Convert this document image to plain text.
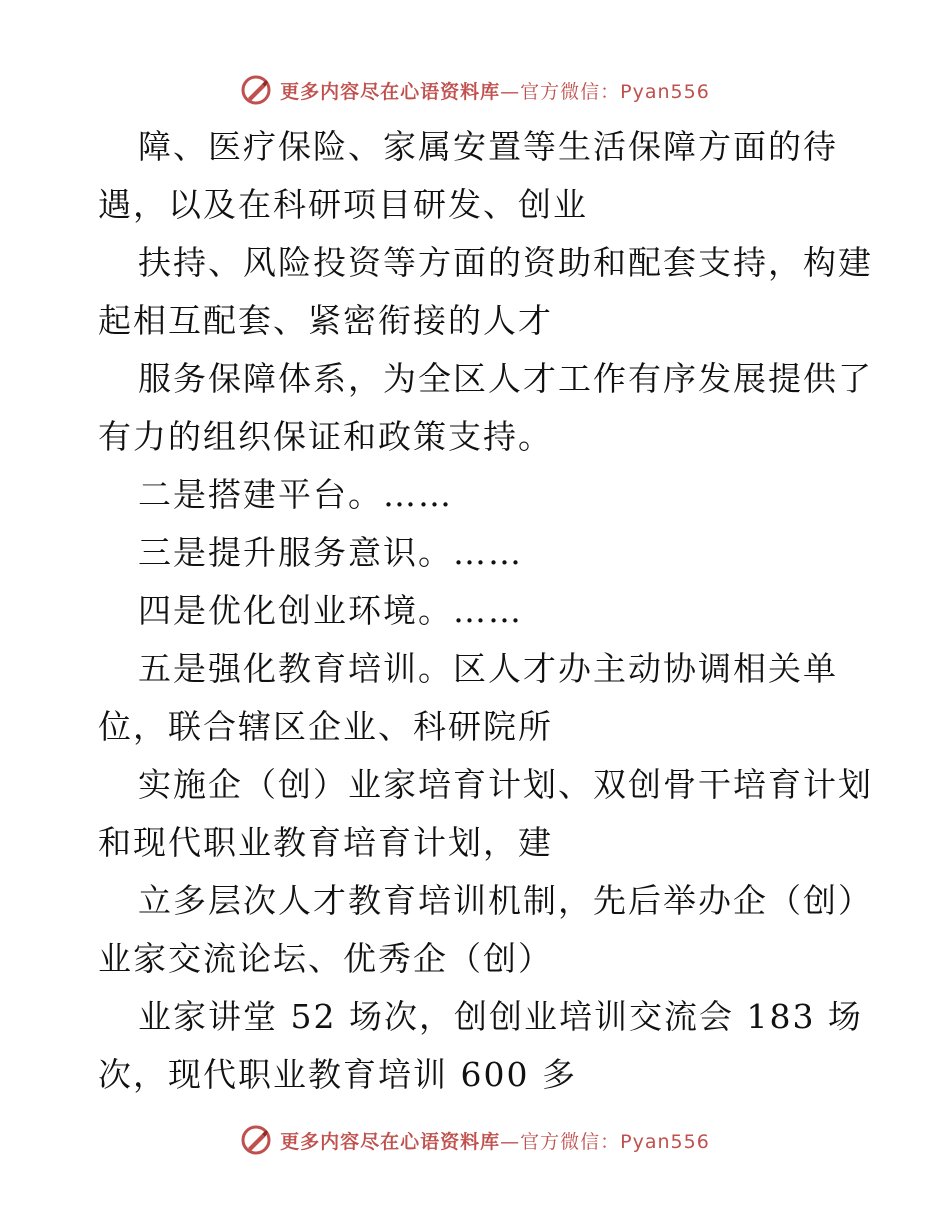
更多内容尽在心语资料库—官方微信：Pyan556
障、医疗保险、家属安置等生活保障方面的待
遇，以及在科研项目研发、创业
扶持、风险投资等方面的资助和配套支持，构建
起相互配套、紧密衔接的人才
服务保障体系，为全区人才工作有序发展提供了
有力的组织保证和政策支持。
二是搭建平台。……
三是提升服务意识。……
四是优化创业环境。……
五是强化教育培训。区人才办主动协调相关单
位，联合辖区企业、科研院所
实施企（创）业家培育计划、双创骨干培育计划
和现代职业教育培育计划，建
立多层次人才教育培训机制，先后举办企（创）
业家交流论坛、优秀企（创）
业家讲堂 52 场次，创创业培训交流会 183 场
次，现代职业教育培训 600 多
更多内容尽在心语资料库—官方微信：Pyan556
